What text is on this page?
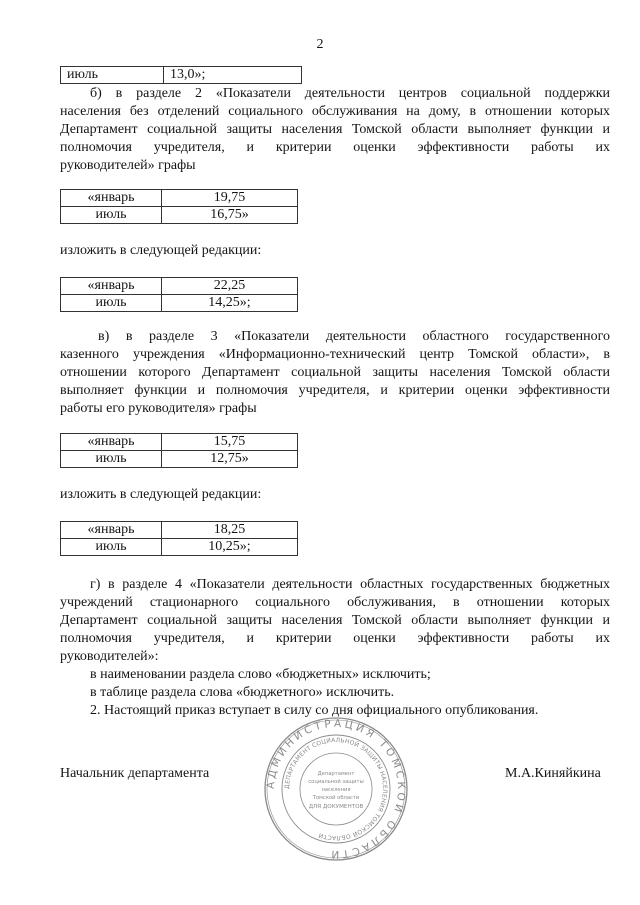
2
июль	13,0»;
б) в разделе 2 «Показатели деятельности центров социальной поддержки
населения без отделений социального обслуживания на дому, в отношении которых
Департамент социальной защиты населения Томской области выполняет функции и
полномочия учредителя, и критерии оценки эффективности работы их
руководителей» графы
«январь	19,75
июль	16,75»
изложить в следующей редакции:
«январь	22,25
июль	14,25»;
в) в разделе 3 «Показатели деятельности областного государственного
казенного учреждения «Информационно-технический центр Томской области», в
отношении которого Департамент социальной защиты населения Томской области
выполняет функции и полномочия учредителя, и критерии оценки эффективности
работы его руководителя» графы
«январь	15,75
июль	12,75»
изложить в следующей редакции:
«январь	18,25
июль	10,25»;
г) в разделе 4 «Показатели деятельности областных государственных бюджетных
учреждений стационарного социального обслуживания, в отношении которых
Департамент социальной защиты населения Томской области выполняет функции и
полномочия учредителя, и критерии оценки эффективности работы их
руководителей»:
в наименовании раздела слово «бюджетных» исключить;
в таблице раздела слова «бюджетного» исключить.
2. Настоящий приказ вступает в силу со дня официального опубликования.
Начальник департамента	М.А.Киняйкина
АДМИНИСТРАЦИЯ ТОМСКОЙ ОБЛАСТИ
ДЕПАРТАМЕНТ СОЦИАЛЬНОЙ ЗАЩИТЫ НАСЕЛЕНИЯ ТОМСКОЙ ОБЛАСТИ
Департамент
социальной защиты
населения
Томской области
ДЛЯ ДОКУМЕНТОВ
